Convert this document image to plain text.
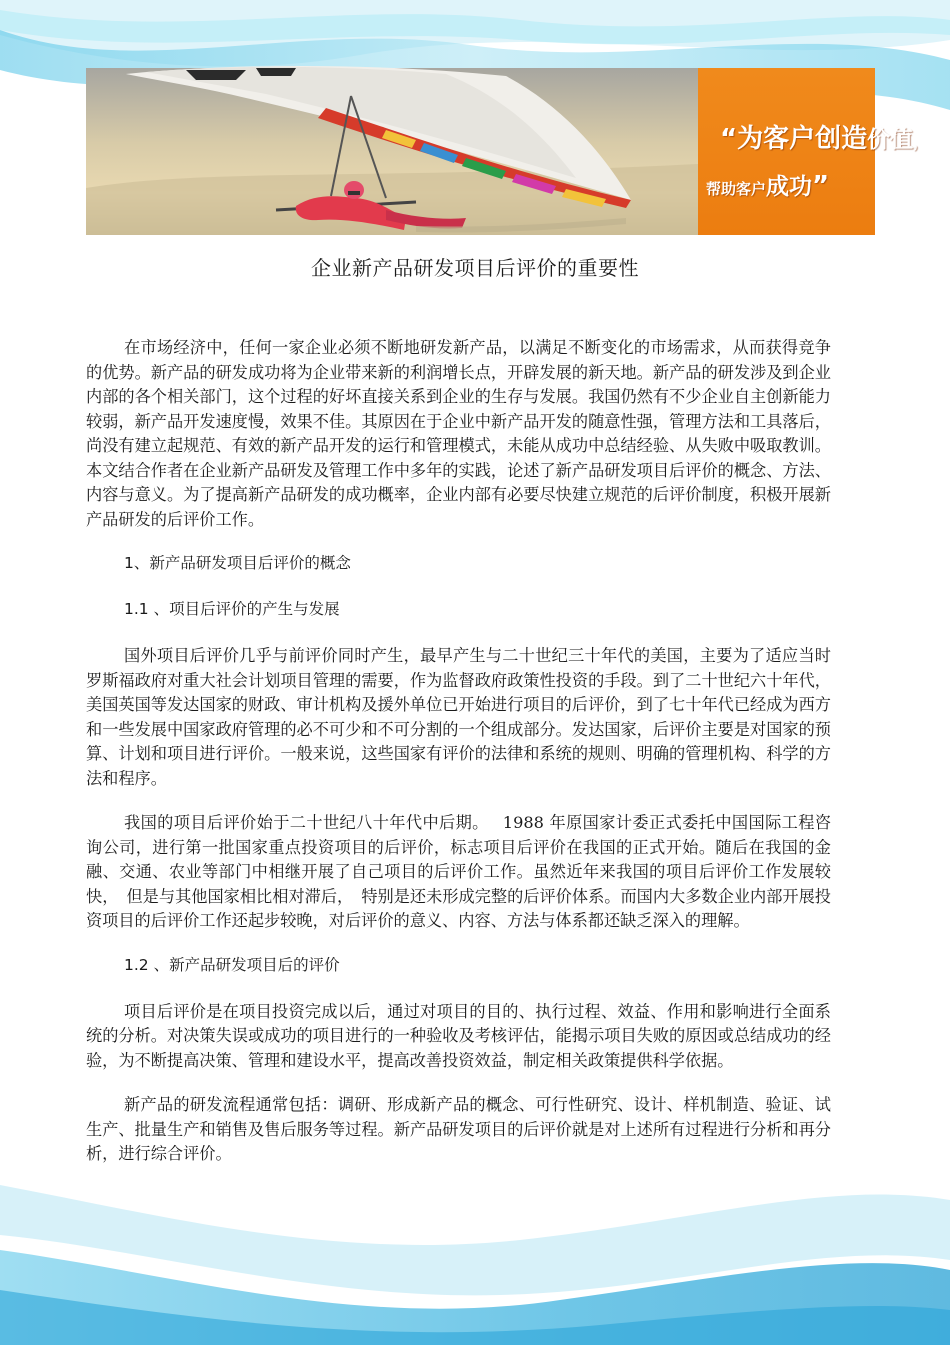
“为客户创造价值，
帮助客户成功”
企业新产品研发项目后评价的重要性

在市场经济中，任何一家企业必须不断地研发新产品，以满足不断变化的市场需求，从而获得竞争的优势。新产品的研发成功将为企业带来新的利润增长点，开辟发展的新天地。新产品的研发涉及到企业内部的各个相关部门，这个过程的好坏直接关系到企业的生存与发展。我国仍然有不少企业自主创新能力较弱，新产品开发速度慢，效果不佳。其原因在于企业中新产品开发的随意性强，管理方法和工具落后，尚没有建立起规范、有效的新产品开发的运行和管理模式，未能从成功中总结经验、从失败中吸取教训。本文结合作者在企业新产品研发及管理工作中多年的实践，论述了新产品研发项目后评价的概念、方法、内容与意义。为了提高新产品研发的成功概率，企业内部有必要尽快建立规范的后评价制度，积极开展新产品研发的后评价工作。

1、新产品研发项目后评价的概念
1.1 、项目后评价的产生与发展

国外项目后评价几乎与前评价同时产生，最早产生与二十世纪三十年代的美国，主要为了适应当时罗斯福政府对重大社会计划项目管理的需要，作为监督政府政策性投资的手段。到了二十世纪六十年代，美国英国等发达国家的财政、审计机构及援外单位已开始进行项目的后评价，到了七十年代已经成为西方和一些发展中国家政府管理的必不可少和不可分割的一个组成部分。发达国家，后评价主要是对国家的预算、计划和项目进行评价。一般来说，这些国家有评价的法律和系统的规则、明确的管理机构、科学的方法和程序。

我国的项目后评价始于二十世纪八十年代中后期。　 1988 年原国家计委正式委托中国国际工程咨询公司，进行第一批国家重点投资项目的后评价，标志项目后评价在我国的正式开始。随后在我国的金融、交通、农业等部门中相继开展了自己项目的后评价工作。虽然近年来我国的项目后评价工作发展较快，　但是与其他国家相比相对滞后，　特别是还未形成完整的后评价体系。而国内大多数企业内部开展投资项目的后评价工作还起步较晚，对后评价的意义、内容、方法与体系都还缺乏深入的理解。

1.2 、新产品研发项目后的评价

项目后评价是在项目投资完成以后，通过对项目的目的、执行过程、效益、作用和影响进行全面系统的分析。对决策失误或成功的项目进行的一种验收及考核评估，能揭示项目失败的原因或总结成功的经验，为不断提高决策、管理和建设水平，提高改善投资效益，制定相关政策提供科学依据。

新产品的研发流程通常包括：调研、形成新产品的概念、可行性研究、设计、样机制造、验证、试生产、批量生产和销售及售后服务等过程。新产品研发项目的后评价就是对上述所有过程进行分析和再分析，进行综合评价。
